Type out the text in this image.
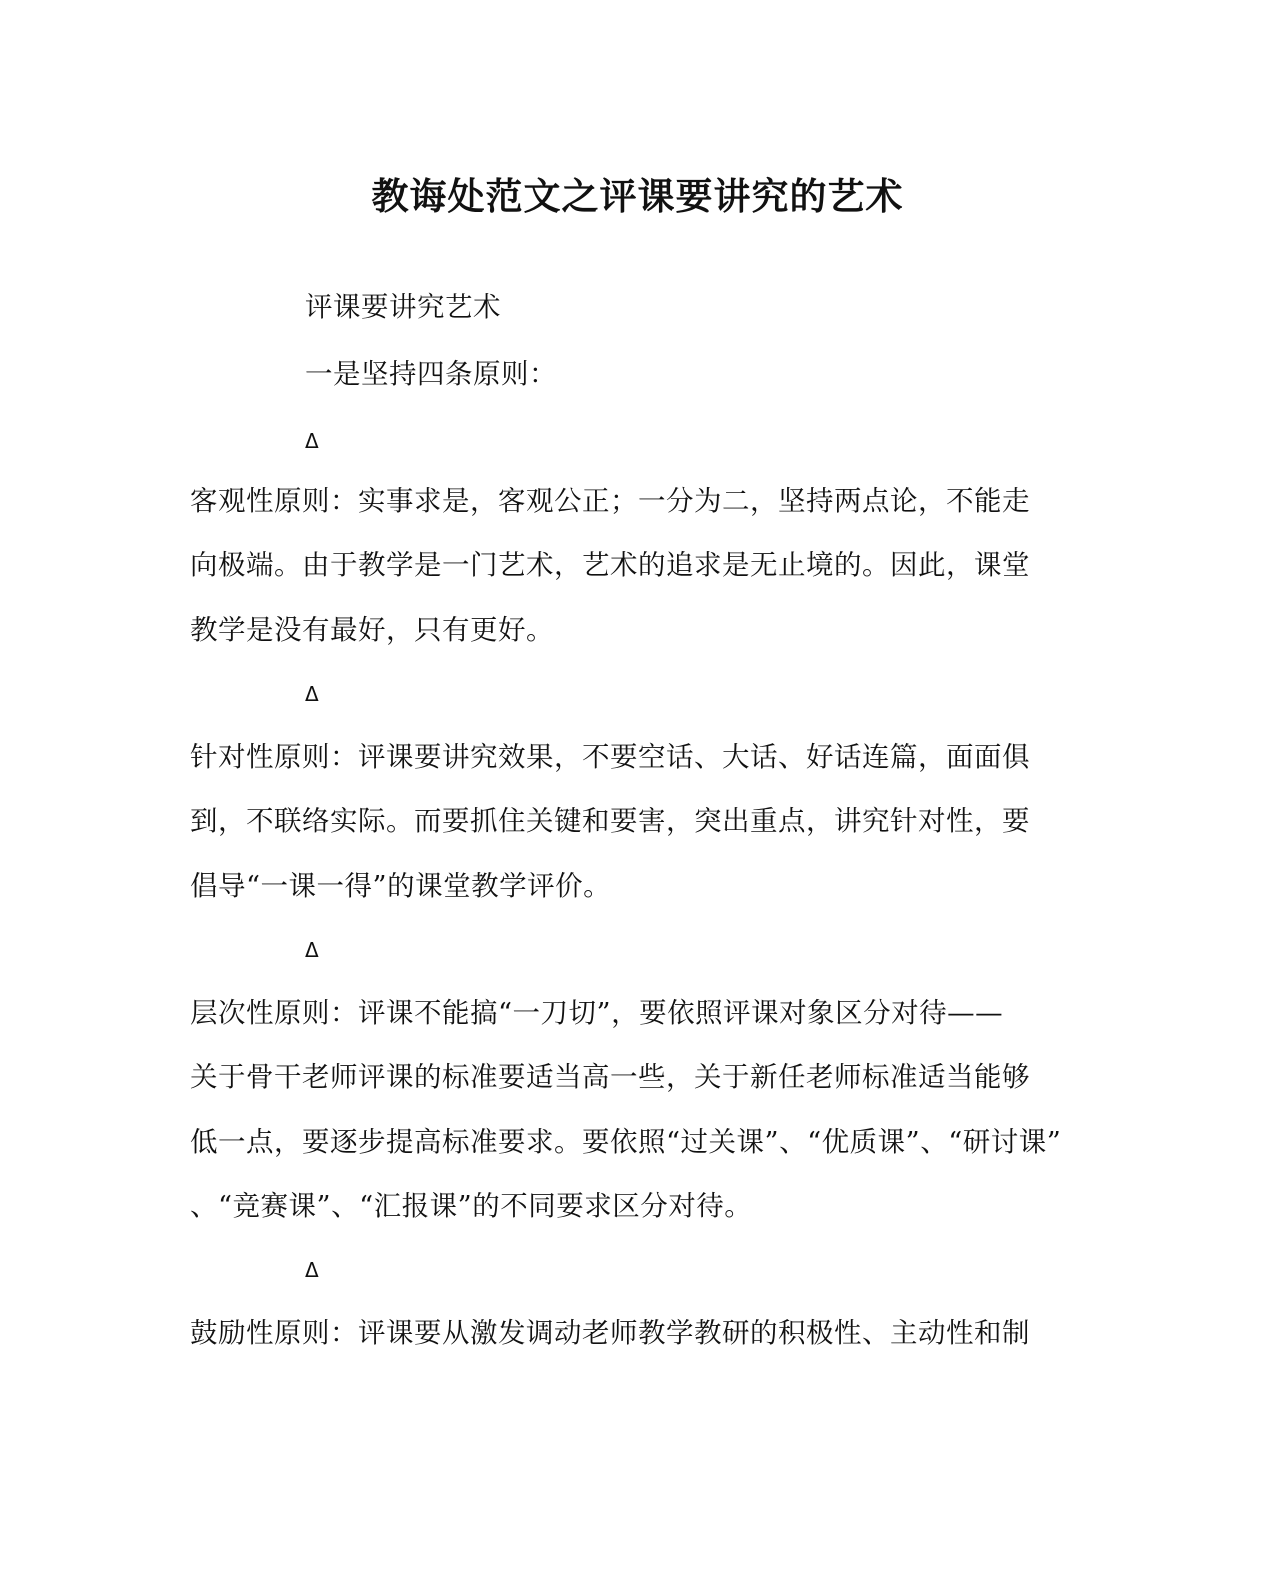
教诲处范文之评课要讲究的艺术
评课要讲究艺术
一是坚持四条原则：
Δ
客观性原则：实事求是，客观公正；一分为二，坚持两点论，不能走
向极端。由于教学是一门艺术，艺术的追求是无止境的。因此，课堂
教学是没有最好，只有更好。
Δ
针对性原则：评课要讲究效果，不要空话、大话、好话连篇，面面俱
到，不联络实际。而要抓住关键和要害，突出重点，讲究针对性，要
倡导“一课一得”的课堂教学评价。
Δ
层次性原则：评课不能搞“一刀切”，要依照评课对象区分对待——
关于骨干老师评课的标准要适当高一些，关于新任老师标准适当能够
低一点，要逐步提高标准要求。要依照“过关课”、“优质课”、“研讨课”
、“竞赛课”、“汇报课”的不同要求区分对待。
Δ
鼓励性原则：评课要从激发调动老师教学教研的积极性、主动性和制
